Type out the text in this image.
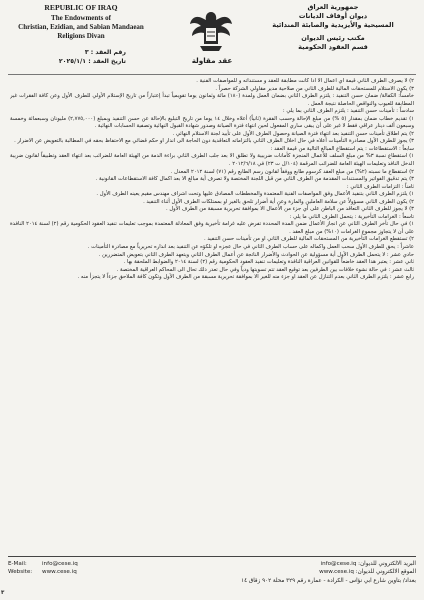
REPUBLIC OF IRAQ
The Endowments of
Christian, Ezidian, and Sabian Mandaean
Religions Divan
جمهورية العراق
ديوان أوقاف الديانات
المسيحية والأيزيدية والصابئة المندائية
مكتب رئيس الديوان
قسم العقود الحكومية
عقد مقاولة
رقم العقد : ٣
تاريخ العقد : ٢٠٢٥/١/١

٢) لا يصرف الطرف الثاني قيمة أي أعمال الا اذا كانت مطابقة للعقد و مستنداته و للمواصفات الفنية .

٣) يكون الاستلام للمستحقات المالية للطرف الثاني من صلاحية مدير مقاولي الشركة حصراً .

خامساً: الكفالة/ ضمان حسن التنفيذ : يلتزم الطرف الثاني بضمان العمل ولمدة (١٨٠) مائة وثمانون يوما تقويمياً تبدأ إعتباراً من تاريخ الإستلام الأولي للطرف الأول وعن كافة الفقرات غير المطابقة للعيوب والنواقص الحاصلة نتيجة العمل .

سادساً : تأمينات حسن التنفيذ : يلتزم الطرف الثاني بما يلي :

١) تقديم خطاب ضمان بمقدار (٥ %) من مبلغ الإحالة وحسب الفقرة (ثانياً) أعلاه وخلال ١٤ يوما من تاريخ التبليغ بالإحالة عن حسن التنفيذ وبمبلغ (٢,٧٧٥,٠٠٠) مليونان وسبعمائة وخمسة وسبعون ألف دينار عراقي فقط لا غير على أن يبقى ساري المفعول لحين انتهاء فترة الصيانة وصدور شهادة القبول النهائية وتصفية الحسابات النهائية .

٢) يتم اطلاق تأمينات حسن التنفيذ بعد انتهاء فترة الصيانة وحصول الطرف الأول على تأييد لجنة الاستلام النهائي .

٣) يجوز للطرف الأول مصادرة التأمينات أعلاه في حال اخلال الطرف الثاني بالتزاماته التعاقدية دون الحاجة الى انذار او حكم قضائي مع الاحتفاظ بحقه في المطالبة بالتعويض عن الاضرار .

سابعاً : الاستقطاعات : يتم استقطاع المبالغ التالية من قيمة العقد :

١) استقطاع نسبة ٣% من مبلغ السلف للأعمال المنجزة كأمانات ضريبية ولا تطلق الا بعد جلب الطرف الثاني براءة الذمة من الهيئة العامة للضرائب بعد انتهاء العقد وتطبيقاً لقانون ضريبة الدخل النافذ وتعليمات الهيئة العامة للضرائب المرقمة (١٠٤/ل ت ٢٣) في ٢٠١٢/٦/١٨ .

٢) استقطاع ما نسبته (٢%) من مبلغ العقد كرسوم طابع ووفقاً لقانون رسم الطابع رقم (٧١) لسنة ٢٠١٢ المعدل .

٣) يتم تدقيق الفواتير والمستندات المقدمة من الطرف الثاني من قبل اللجنة المختصة ولا تصرف أية مبالغ الا بعد اكمال كافة الاستقطاعات القانونية .

ثامناً : التزامات الطرف الثاني :

١) يلتزم الطرف الثاني بتنفيذ الأعمال وفق المواصفات الفنية المعتمدة والمخططات المصادق عليها وتحت اشراف مهندس مقيم يعينه الطرف الأول .

٢) يكون الطرف الثاني مسؤولاً عن سلامة العاملين والمارة وعن أية أضرار تلحق بالغير او بممتلكات الطرف الأول أثناء التنفيذ .

٣) لا يجوز للطرف الثاني التعاقد من الباطن على أي جزء من الأعمال الا بموافقة تحريرية مسبقة من الطرف الأول .

تاسعاً : الغرامات التأخيرية : يتحمل الطرف الثاني ما يلي :

١) في حال تأخر الطرف الثاني عن انجاز الأعمال ضمن المدة المحددة تفرض عليه غرامة تأخيرية وفق المعادلة المعتمدة بموجب تعليمات تنفيذ العقود الحكومية رقم (٢) لسنة ٢٠١٤ النافذة على أن لا يتجاوز مجموع الغرامات (١٠%) من مبلغ العقد .

٢) تستقطع الغرامات التأخيرية من المستحقات المالية للطرف الثاني او من تأمينات حسن التنفيذ .

عاشراً : يحق للطرف الأول سحب العمل واكماله على حساب الطرف الثاني في حال عجزه او تلكؤه عن التنفيذ بعد انذاره تحريرياً مع مصادرة التأمينات .

حادي عشر : لا يتحمل الطرف الأول أية مسؤولية عن الحوادث والأضرار الناتجة عن أعمال الطرف الثاني ويتعهد الطرف الثاني بتعويض المتضررين .

ثاني عشر : يعتبر هذا العقد خاضعاً للقوانين العراقية النافذة وتعليمات تنفيذ العقود الحكومية رقم (٢) لسنة ٢٠١٤ والضوابط الملحقة بها .

ثالث عشر : في حالة نشوء خلافات بين الطرفين بعد توقيع العقد تتم تسويتها ودياً وفي حال تعذر ذلك تحال الى المحاكم العراقية المختصة .

رابع عشر : يلتزم الطرف الثاني بعدم التنازل عن العقد او جزء منه للغير الا بموافقة تحريرية مسبقة من الطرف الأول وتكون كافة الملاحق جزءاً لا يتجزأ منه .

E-Mail:	info@cese.iq
Website: www.cese.iq
البريد الالكتروني للديوان: info@cese.iq
الموقع الالكتروني للديوان: www.cese.iq
بغداد/ بتاوين شارع ابي نؤاس - الكرادة - عمارة رقم ٣٢٩ محلة ٩٠٢ زقاق ١٤
٣
